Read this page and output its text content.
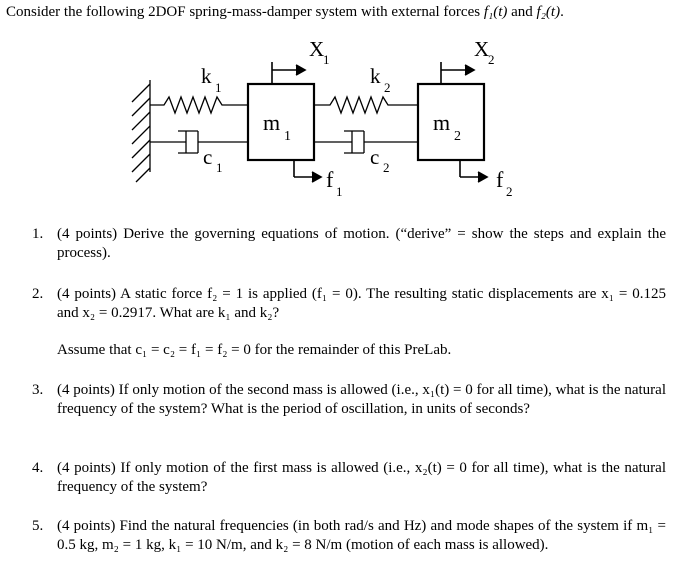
Consider the following 2DOF spring-mass-damper system with external forces f₁(t) and f₂(t).
X
1	X
2
k 1	k 2
c 1	c 2
m
1
m
2
f 1	f 2
1. (4 points) Derive the governing equations of motion. (“derive” = show the steps and explain the process).
2. (4 points) A static force f₂ = 1 is applied (f₁ = 0). The resulting static displacements are x₁ = 0.125 and x₂ = 0.2917. What are k₁ and k₂?
Assume that c₁ = c₂ = f₁ = f₂ = 0 for the remainder of this PreLab.
3. (4 points) If only motion of the second mass is allowed (i.e., x₁(t) = 0 for all time), what is the natural frequency of the system? What is the period of oscillation, in units of seconds?
4. (4 points) If only motion of the first mass is allowed (i.e., x₂(t) = 0 for all time), what is the natural frequency of the system?
5. (4 points) Find the natural frequencies (in both rad/s and Hz) and mode shapes of the system if m₁ = 0.5 kg, m₂ = 1 kg, k₁ = 10 N/m, and k₂ = 8 N/m (motion of each mass is allowed).
